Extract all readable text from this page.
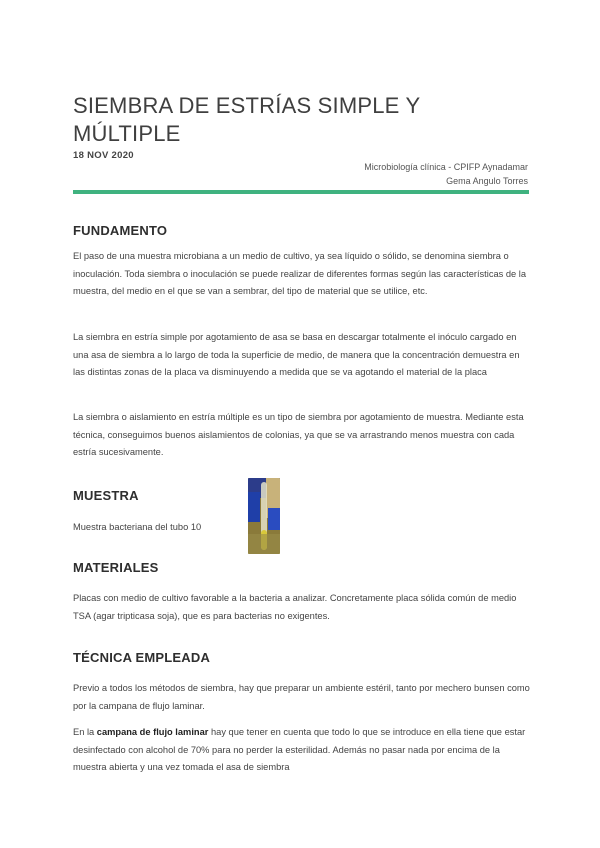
SIEMBRA DE ESTRÍAS SIMPLE Y MÚLTIPLE
18 NOV 2020
Microbiología clínica - CPIFP Aynadamar
Gema Angulo Torres
FUNDAMENTO

El paso de una muestra microbiana a un medio de cultivo, ya sea líquido o sólido, se denomina siembra o inoculación. Toda siembra o inoculación se puede realizar de diferentes formas según las características de la muestra, del medio en el que se van a sembrar, del tipo de material que se utilice, etc.

La siembra en estría simple por agotamiento de asa se basa en descargar totalmente el inóculo cargado en una asa de siembra a lo largo de toda la superficie de medio, de manera que la concentración demuestra en las distintas zonas de la placa va disminuyendo a medida que se va agotando el material de la placa

La siembra o aislamiento en estría múltiple es un tipo de siembra por agotamiento de muestra. Mediante esta técnica, conseguimos buenos aislamientos de colonias, ya que se va arrastrando menos muestra con cada estría sucesivamente.

MUESTRA

Muestra bacteriana del tubo 10

MATERIALES

Placas con medio de cultivo favorable a la bacteria a analizar. Concretamente placa sólida común de medio TSA (agar tripticasa soja), que es para bacterias no exigentes.

TÉCNICA EMPLEADA

Previo a todos los métodos de siembra, hay que preparar un ambiente estéril, tanto por mechero bunsen como por la campana de flujo laminar.

En la campana de flujo laminar hay que tener en cuenta que todo lo que se introduce en ella tiene que estar desinfectado con alcohol de 70% para no perder la esterilidad. Además no pasar nada por encima de la muestra abierta y una vez tomada el asa de siembra
